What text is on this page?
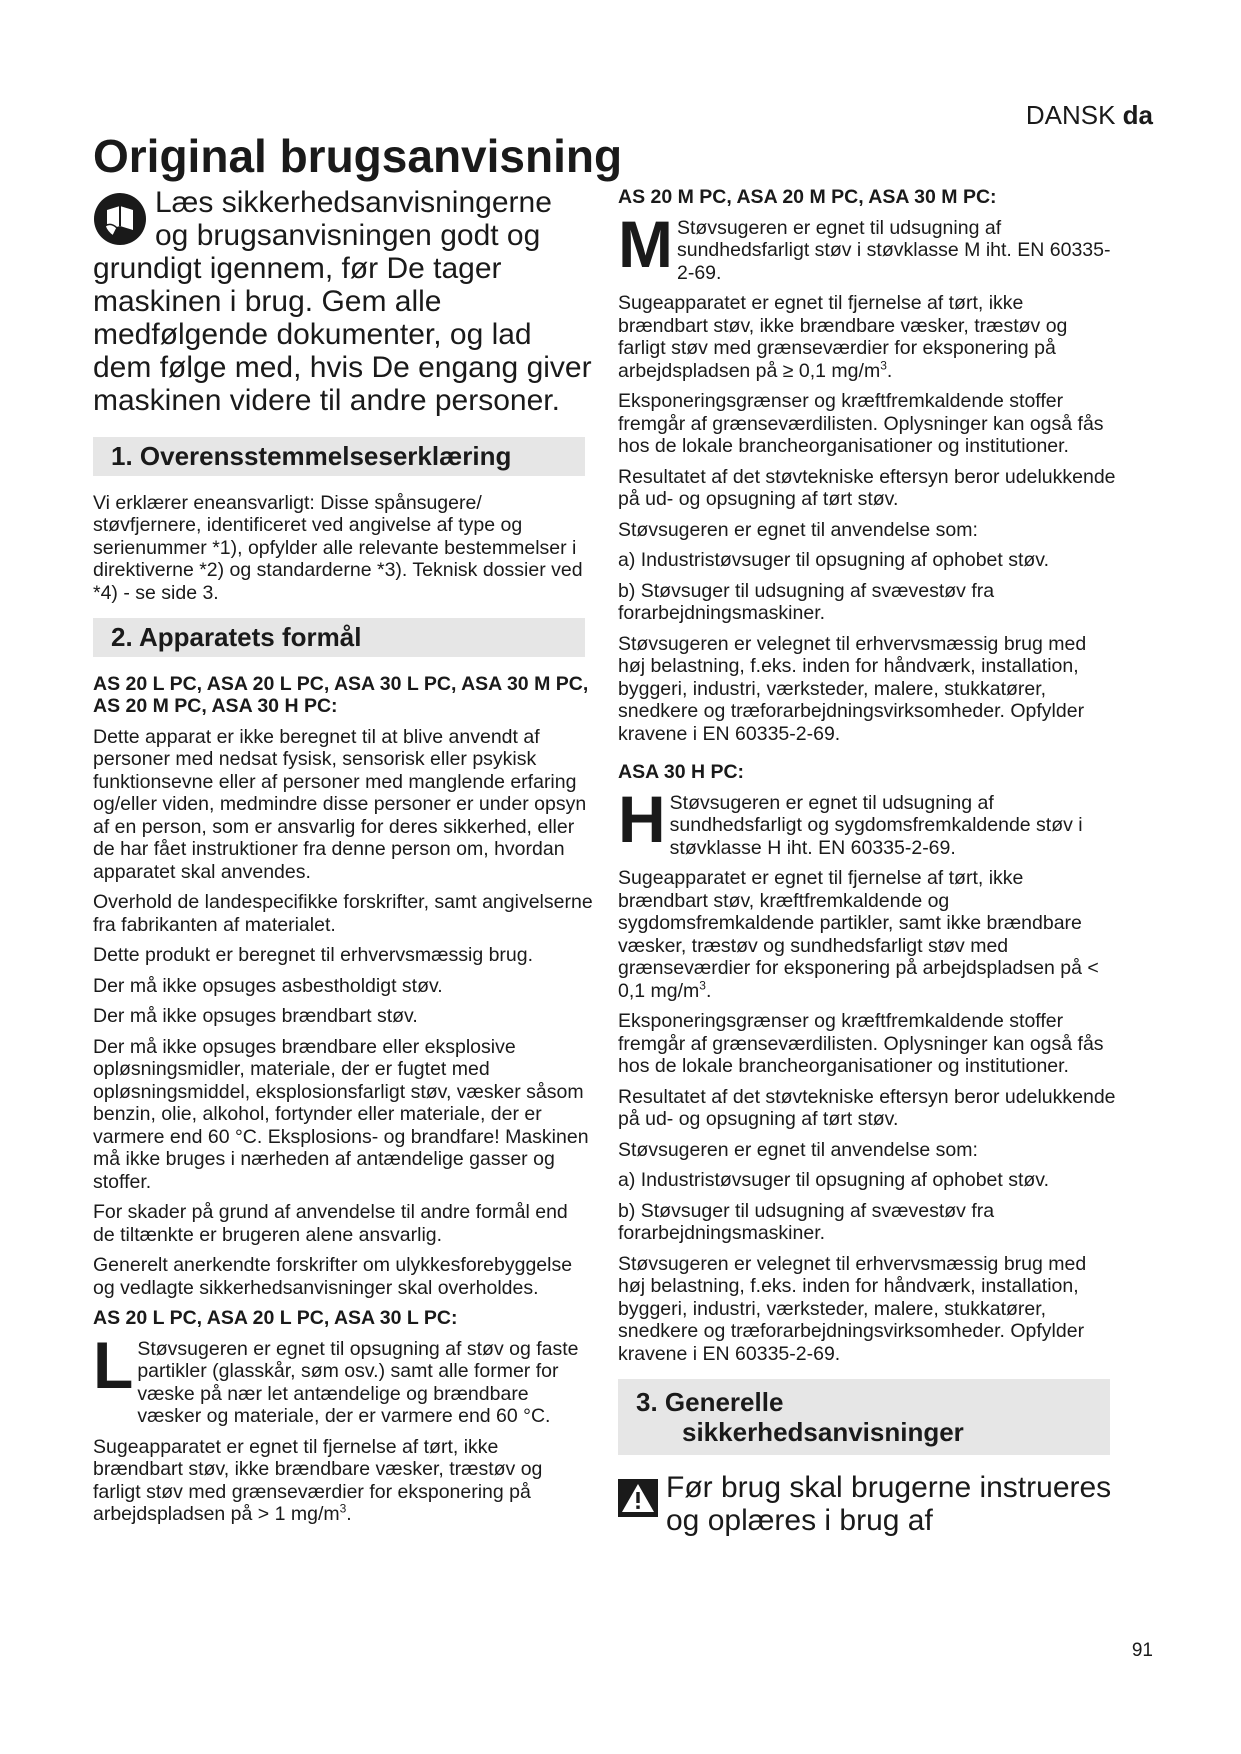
DANSK da
Original brugsanvisning
Læs sikkerhedsanvisningerne og brugsanvisningen godt og grundigt igennem, før De tager maskinen i brug. Gem alle medfølgende dokumenter, og lad dem følge med, hvis De engang giver maskinen videre til andre personer.
1. Overensstemmelseserklæring

Vi erklærer eneansvarligt: Disse spånsugere/ støvfjernere, identificeret ved angivelse af type og serienummer *1), opfylder alle relevante bestemmelser i direktiverne *2) og standarderne *3). Teknisk dossier ved *4) - se side 3.

2. Apparatets formål

AS 20 L PC, ASA 20 L PC, ASA 30 L PC, ASA 30 M PC, AS 20 M PC, ASA 30 H PC:

Dette apparat er ikke beregnet til at blive anvendt af personer med nedsat fysisk, sensorisk eller psykisk funktionsevne eller af personer med manglende erfaring og/eller viden, medmindre disse personer er under opsyn af en person, som er ansvarlig for deres sikkerhed, eller de har fået instruktioner fra denne person om, hvordan apparatet skal anvendes.

Overhold de landespecifikke forskrifter, samt angivelserne fra fabrikanten af materialet.

Dette produkt er beregnet til erhvervsmæssig brug.

Der må ikke opsuges asbestholdigt støv.

Der må ikke opsuges brændbart støv.

Der må ikke opsuges brændbare eller eksplosive opløsningsmidler, materiale, der er fugtet med opløsningsmiddel, eksplosionsfarligt støv, væsker såsom benzin, olie, alkohol, fortynder eller materiale, der er varmere end 60 °C. Eksplosions- og brandfare! Maskinen må ikke bruges i nærheden af antændelige gasser og stoffer.

For skader på grund af anvendelse til andre formål end de tiltænkte er brugeren alene ansvarlig.

Generelt anerkendte forskrifter om ulykkesforebyggelse og vedlagte sikkerhedsanvisninger skal overholdes.

AS 20 L PC, ASA 20 L PC, ASA 30 L PC:

L Støvsugeren er egnet til opsugning af støv og faste partikler (glasskår, søm osv.) samt alle former for væske på nær let antændelige og brændbare væsker og materiale, der er varmere end 60 °C.

Sugeapparatet er egnet til fjernelse af tørt, ikke brændbart støv, ikke brændbare væsker, træstøv og farligt støv med grænseværdier for eksponering på arbejdspladsen på > 1 $mg/m^3$.

AS 20 M PC, ASA 20 M PC, ASA 30 M PC:

M Støvsugeren er egnet til udsugning af sundhedsfarligt støv i støvklasse M iht. EN 60335-2-69.

Sugeapparatet er egnet til fjernelse af tørt, ikke brændbart støv, ikke brændbare væsker, træstøv og farligt støv med grænseværdier for eksponering på arbejdspladsen på ≥ 0,1 $mg/m^3$.

Eksponeringsgrænser og kræftfremkaldende stoffer fremgår af grænseværdilisten. Oplysninger kan også fås hos de lokale brancheorganisationer og institutioner.

Resultatet af det støvtekniske eftersyn beror udelukkende på ud- og opsugning af tørt støv.

Støvsugeren er egnet til anvendelse som:

a) Industristøvsuger til opsugning af ophobet støv.

b) Støvsuger til udsugning af svævestøv fra forarbejdningsmaskiner.

Støvsugeren er velegnet til erhvervsmæssig brug med høj belastning, f.eks. inden for håndværk, installation, byggeri, industri, værksteder, malere, stukkatører, snedkere og træforarbejdningsvirksomheder. Opfylder kravene i EN 60335-2-69.

ASA 30 H PC:

H Støvsugeren er egnet til udsugning af sundhedsfarligt og sygdomsfremkaldende støv i støvklasse H iht. EN 60335-2-69.

Sugeapparatet er egnet til fjernelse af tørt, ikke brændbart støv, kræftfremkaldende og sygdomsfremkaldende partikler, samt ikke brændbare væsker, træstøv og sundhedsfarligt støv med grænseværdier for eksponering på arbejdspladsen på < 0,1 $mg/m^3$.

Eksponeringsgrænser og kræftfremkaldende stoffer fremgår af grænseværdilisten. Oplysninger kan også fås hos de lokale brancheorganisationer og institutioner.

Resultatet af det støvtekniske eftersyn beror udelukkende på ud- og opsugning af tørt støv.

Støvsugeren er egnet til anvendelse som:

a) Industristøvsuger til opsugning af ophobet støv.

b) Støvsuger til udsugning af svævestøv fra forarbejdningsmaskiner.

Støvsugeren er velegnet til erhvervsmæssig brug med høj belastning, f.eks. inden for håndværk, installation, byggeri, industri, værksteder, malere, stukkatører, snedkere og træforarbejdningsvirksomheder. Opfylder kravene i EN 60335-2-69.

3. Generelle
sikkerhedsanvisninger
Før brug skal brugerne instrueres og oplæres i brug af
91
